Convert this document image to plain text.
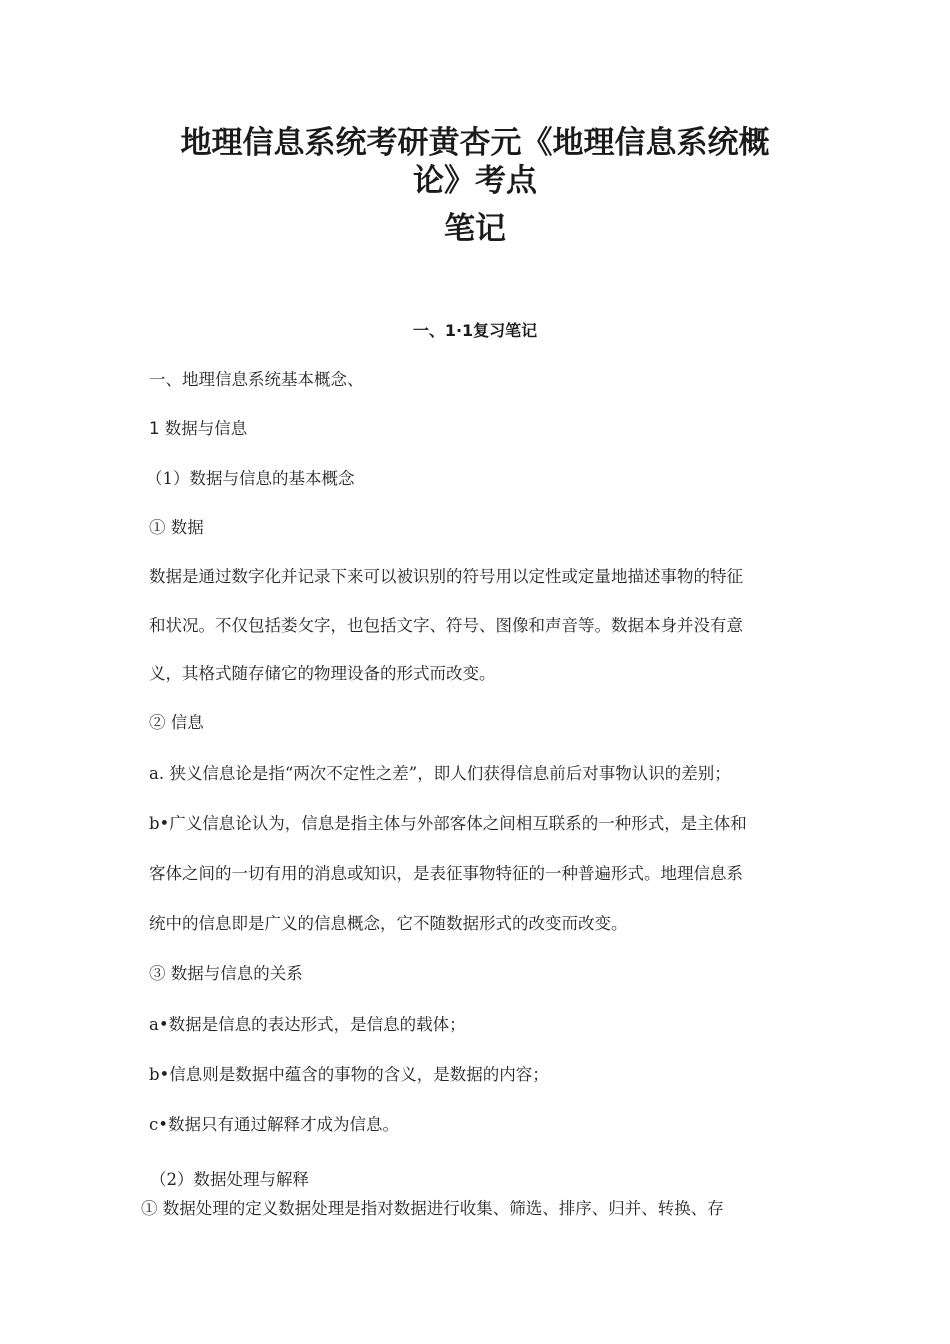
地理信息系统考研黄杏元《地理信息系统概
论》考点
笔记
一、1·1复习笔记
一、地理信息系统基本概念、
1 数据与信息
（1）数据与信息的基本概念
① 数据
数据是通过数字化并记录下来可以被识别的符号用以定性或定量地描述事物的特征
和状况。不仅包括娄攵字，也包括文字、符号、图像和声音等。数据本身并没有意
义，其格式随存储它的物理设备的形式而改变。
② 信息
a. 狭义信息论是指“两次不定性之差”，即人们获得信息前后对事物认识的差别；
b•广义信息论认为，信息是指主体与外部客体之间相互联系的一种形式，是主体和
客体之间的一切有用的消息或知识，是表征事物特征的一种普遍形式。地理信息系
统中的信息即是广义的信息概念，它不随数据形式的改变而改变。
③ 数据与信息的关系
a•数据是信息的表达形式，是信息的载体；
b•信息则是数据中蕴含的事物的含义，是数据的内容；
c•数据只有通过解释才成为信息。
（2）数据处理与解释
① 数据处理的定义数据处理是指对数据进行收集、筛选、排序、归并、转换、存
